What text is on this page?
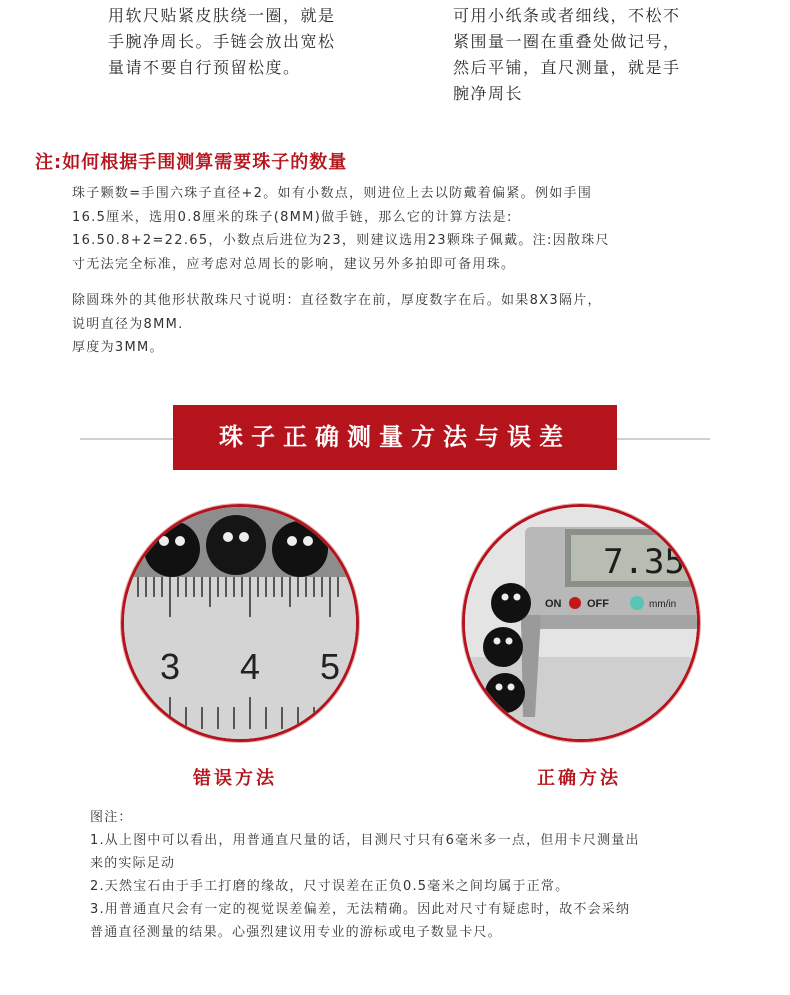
用软尺贴紧皮肤绕一圈，就是
手腕净周长。手链会放出宽松
量请不要自行预留松度。
可用小纸条或者细线，不松不
紧围量一圈在重叠处做记号，
然后平铺，直尺测量，就是手
腕净周长
注:如何根据手围测算需要珠子的数量
珠子颗数=手围六珠子直径+2。如有小数点，则进位上去以防戴着偏紧。例如手围
16.5厘米，选用0.8厘米的珠子(8MM)做手链，那么它的计算方法是:
16.50.8+2=22.65，小数点后进位为23，则建议选用23颗珠子佩戴。注:因散珠尺
寸无法完全标准，应考虑对总周长的影响，建议另外多拍即可备用珠。
除圆珠外的其他形状散珠尺寸说明：直径数字在前，厚度数字在后。如果8X3隔片，
说明直径为8MM.
厚度为3MM。
珠子正确测量方法与误差
3 4 5
7.35
ON OFF	mm/in
错误方法	正确方法
图注：
1.从上图中可以看出，用普通直尺量的话，目测尺寸只有6毫米多一点，但用卡尺测量出
来的实际足动
2.天然宝石由于手工打磨的缘故，尺寸误差在正负0.5毫米之间均属于正常。
3.用普通直尺会有一定的视觉误差偏差，无法精确。因此对尺寸有疑虑时，故不会采纳
普通直径测量的结果。心强烈建议用专业的游标或电子数显卡尺。
